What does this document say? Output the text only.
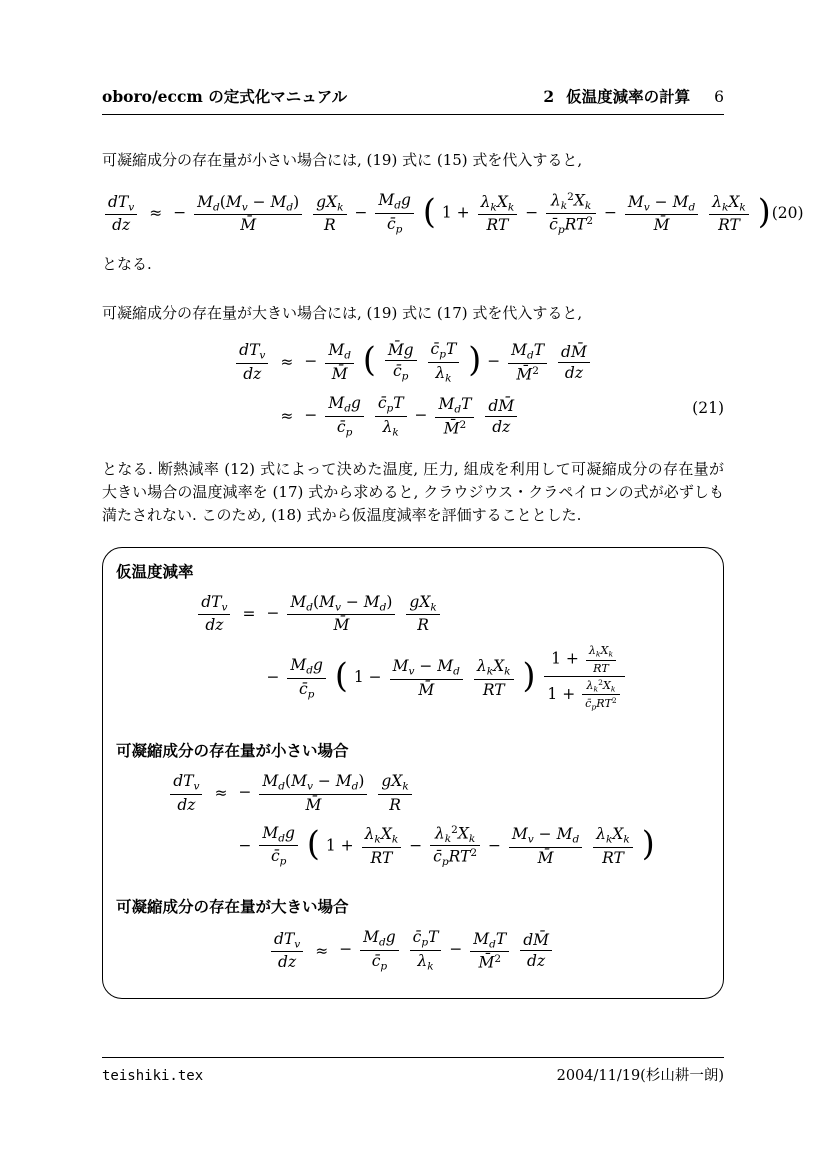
oboro/eccm の定式化マニュアル	2 仮温度減率の計算 6

可凝縮成分の存在量が小さい場合には, (19) 式に (15) 式を代入すると,

$\frac{dT_v}{dz}$	≈	− $\frac{M_d(M_v - M_d)}{M̄}$
$\frac{gX_k}{R} - \frac{M_dg}{c̄_p}$ ( $1 + \frac{\lambda_kX_k}{RT} - \frac{\lambda_k^2X_k}{c̄_pRT^2} - \frac{M_v - M_d}{M̄}$
$\frac{\lambda_kX_k}{RT}$ ) (20)

となる.

可凝縮成分の存在量が大きい場合には, (19) 式に (17) 式を代入すると,

$\frac{dT_v}{dz}$	≈	− $\frac{M_d}{M̄}$ ( $\frac{M̄g}{c̄_p}$
$\frac{c̄_pT}{\lambda_k}$ ) − $\frac{M_dT}{M̄^2}$
$\frac{dM̄}{dz}$

	≈	− $\frac{M_dg}{c̄_p}$
$\frac{c̄_pT}{\lambda_k} - \frac{M_dT}{M̄^2}$
$\frac{dM̄}{dz}$	(21)

となる. 断熱減率 (12) 式によって決めた温度, 圧力, 組成を利用して可凝縮成分の存在量が大きい場合の温度減率を (17) 式から求めると, クラウジウス・クラペイロンの式が必ずしも満たされない. このため, (18) 式から仮温度減率を評価することとした.

仮温度減率

$\frac{dT_v}{dz}$	=	− $\frac{M_d(M_v - M_d)}{M̄}$
$\frac{gX_k}{R}$

		− $\frac{M_dg}{c̄_p}$ ( $1 - \frac{M_v - M_d}{M̄}$
$\frac{\lambda_kX_k}{RT}$ ) $\frac{1 + \frac{\lambda_kX_k}{RT}}{1 + \frac{\lambda_k^2X_k}{c̄_pRT^2}}$

可凝縮成分の存在量が小さい場合

$\frac{dT_v}{dz}$	≈	− $\frac{M_d(M_v - M_d)}{M̄}$
$\frac{gX_k}{R}$

		− $\frac{M_dg}{c̄_p}$ ( $1 + \frac{\lambda_kX_k}{RT} - \frac{\lambda_k^2X_k}{c̄_pRT^2} - \frac{M_v - M_d}{M̄}$
$\frac{\lambda_kX_k}{RT}$ )

可凝縮成分の存在量が大きい場合

$\frac{dT_v}{dz}$	≈	− $\frac{M_dg}{c̄_p}$
$\frac{c̄_pT}{\lambda_k} - \frac{M_dT}{M̄^2}$
$\frac{dM̄}{dz}$
teishiki.tex	2004/11/19(杉山耕一朗)
